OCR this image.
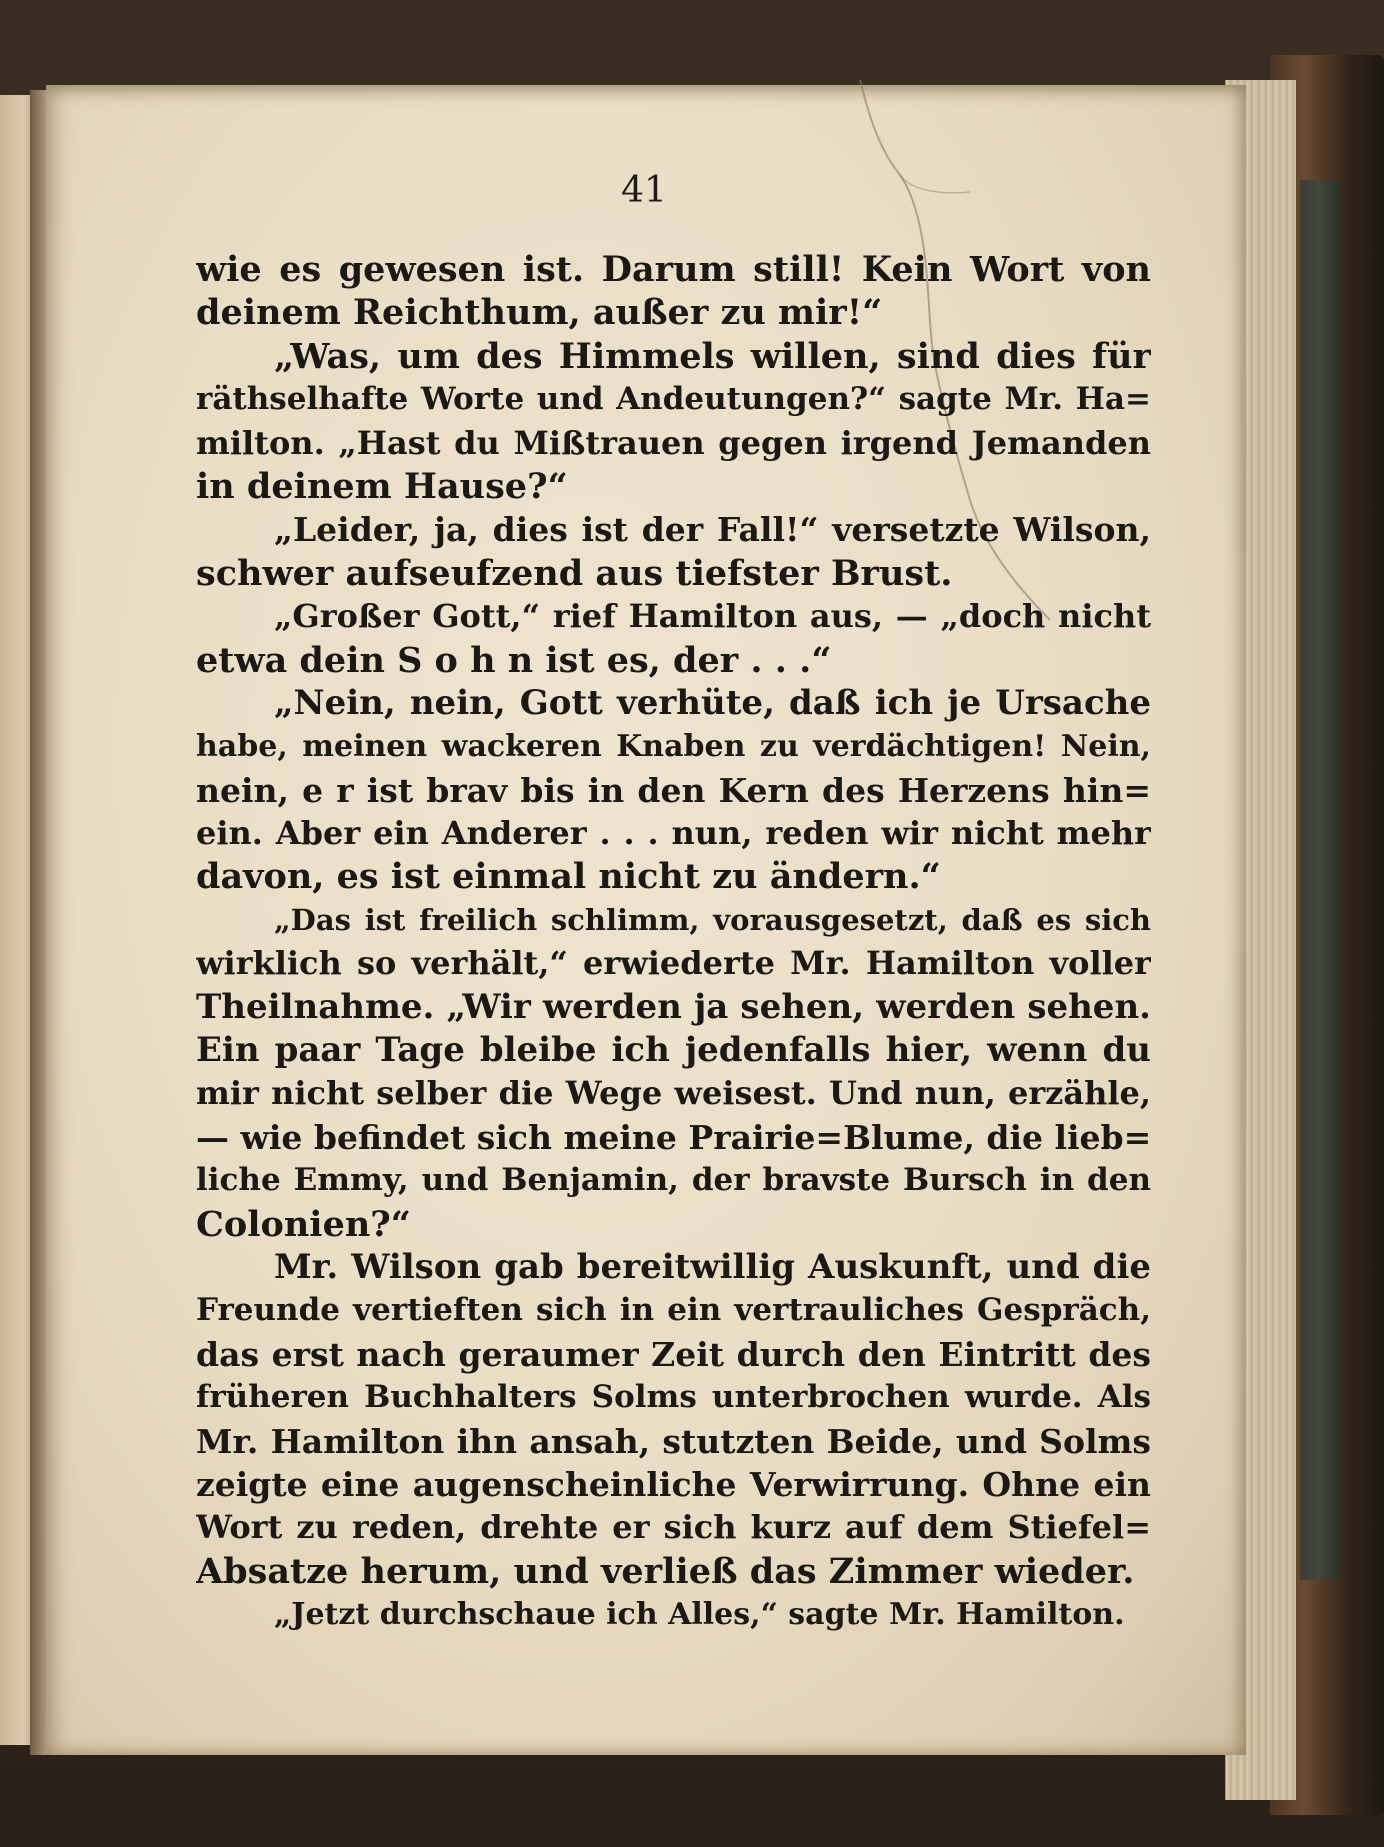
41
wie es gewesen ist. Darum still! Kein Wort von
deinem Reichthum, außer zu mir!“
„Was, um des Himmels willen, sind dies für
räthselhafte Worte und Andeutungen?“ sagte Mr. Ha=
milton. „Hast du Mißtrauen gegen irgend Jemanden
in deinem Hause?“
„Leider, ja, dies ist der Fall!“ versetzte Wilson,
schwer aufseufzend aus tiefster Brust.
„Großer Gott,“ rief Hamilton aus, — „doch nicht
etwa dein S o h n ist es, der . . .“
„Nein, nein, Gott verhüte, daß ich je Ursache
habe, meinen wackeren Knaben zu verdächtigen! Nein,
nein, e r ist brav bis in den Kern des Herzens hin=
ein. Aber ein Anderer . . . nun, reden wir nicht mehr
davon, es ist einmal nicht zu ändern.“
„Das ist freilich schlimm, vorausgesetzt, daß es sich
wirklich so verhält,“ erwiederte Mr. Hamilton voller
Theilnahme. „Wir werden ja sehen, werden sehen.
Ein paar Tage bleibe ich jedenfalls hier, wenn du
mir nicht selber die Wege weisest. Und nun, erzähle,
— wie befindet sich meine Prairie=Blume, die lieb=
liche Emmy, und Benjamin, der bravste Bursch in den
Colonien?“
Mr. Wilson gab bereitwillig Auskunft, und die
Freunde vertieften sich in ein vertrauliches Gespräch,
das erst nach geraumer Zeit durch den Eintritt des
früheren Buchhalters Solms unterbrochen wurde. Als
Mr. Hamilton ihn ansah, stutzten Beide, und Solms
zeigte eine augenscheinliche Verwirrung. Ohne ein
Wort zu reden, drehte er sich kurz auf dem Stiefel=
Absatze herum, und verließ das Zimmer wieder.
„Jetzt durchschaue ich Alles,“ sagte Mr. Hamilton.
